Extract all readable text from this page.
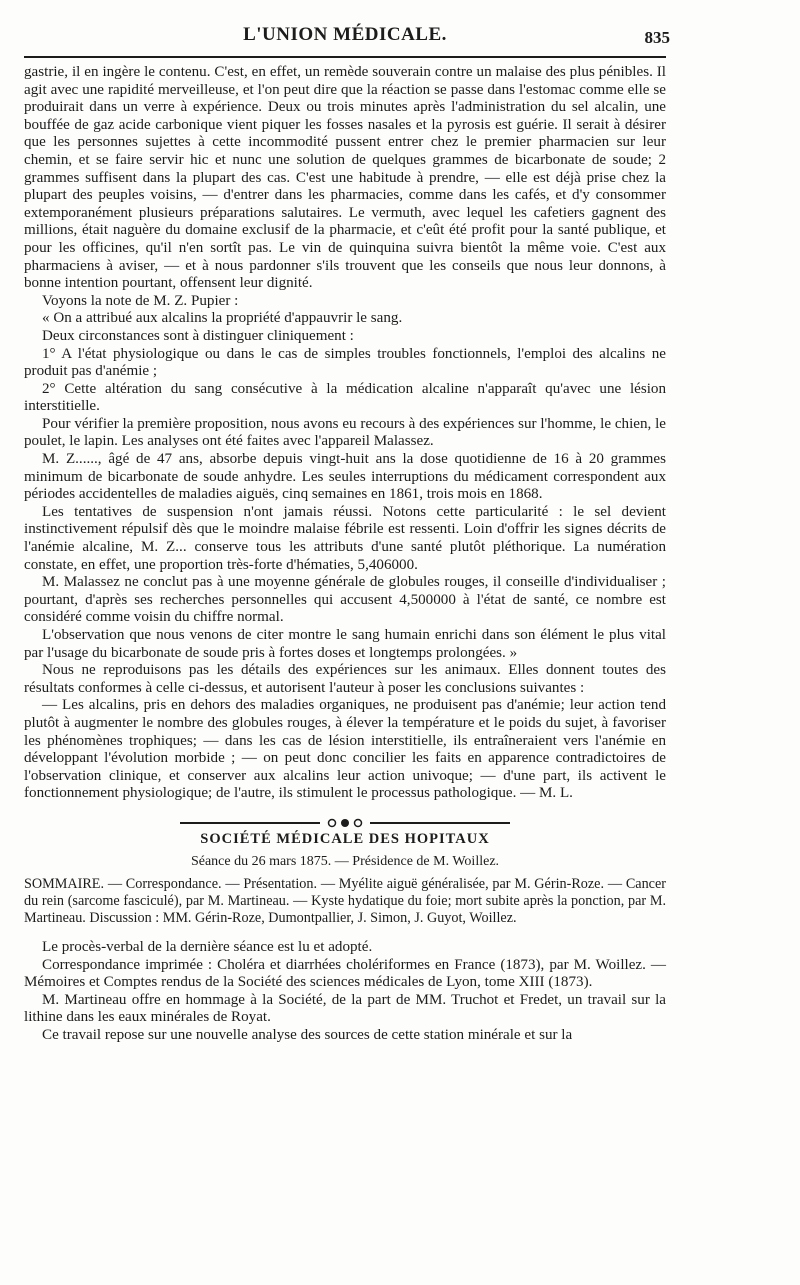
L'UNION MÉDICALE.	835

gastrie, il en ingère le contenu. C'est, en effet, un remède souverain contre un malaise des plus pénibles. Il agit avec une rapidité merveilleuse, et l'on peut dire que la réaction se passe dans l'estomac comme elle se produirait dans un verre à expérience. Deux ou trois minutes après l'administration du sel alcalin, une bouffée de gaz acide carbonique vient piquer les fosses nasales et la pyrosis est guérie. Il serait à désirer que les personnes sujettes à cette incommodité pussent entrer chez le premier pharmacien sur leur chemin, et se faire servir hic et nunc une solution de quelques grammes de bicarbonate de soude; 2 grammes suffisent dans la plupart des cas. C'est une habitude à prendre, — elle est déjà prise chez la plupart des peuples voisins, — d'entrer dans les pharmacies, comme dans les cafés, et d'y consommer extemporanément plusieurs préparations salutaires. Le vermuth, avec lequel les cafetiers gagnent des millions, était naguère du domaine exclusif de la pharmacie, et c'eût été profit pour la santé publique, et pour les officines, qu'il n'en sortît pas. Le vin de quinquina suivra bientôt la même voie. C'est aux pharmaciens à aviser, — et à nous pardonner s'ils trouvent que les conseils que nous leur donnons, à bonne intention pourtant, offensent leur dignité.

Voyons la note de M. Z. Pupier :

« On a attribué aux alcalins la propriété d'appauvrir le sang.

Deux circonstances sont à distinguer cliniquement :

1° A l'état physiologique ou dans le cas de simples troubles fonctionnels, l'emploi des alcalins ne produit pas d'anémie ;

2° Cette altération du sang consécutive à la médication alcaline n'apparaît qu'avec une lésion interstitielle.

Pour vérifier la première proposition, nous avons eu recours à des expériences sur l'homme, le chien, le poulet, le lapin. Les analyses ont été faites avec l'appareil Malassez.

M. Z......, âgé de 47 ans, absorbe depuis vingt-huit ans la dose quotidienne de 16 à 20 grammes minimum de bicarbonate de soude anhydre. Les seules interruptions du médicament correspondent aux périodes accidentelles de maladies aiguës, cinq semaines en 1861, trois mois en 1868.

Les tentatives de suspension n'ont jamais réussi. Notons cette particularité : le sel devient instinctivement répulsif dès que le moindre malaise fébrile est ressenti. Loin d'offrir les signes décrits de l'anémie alcaline, M. Z... conserve tous les attributs d'une santé plutôt pléthorique. La numération constate, en effet, une proportion très-forte d'hématies, 5,406000.

M. Malassez ne conclut pas à une moyenne générale de globules rouges, il conseille d'individualiser ; pourtant, d'après ses recherches personnelles qui accusent 4,500000 à l'état de santé, ce nombre est considéré comme voisin du chiffre normal.

L'observation que nous venons de citer montre le sang humain enrichi dans son élément le plus vital par l'usage du bicarbonate de soude pris à fortes doses et longtemps prolongées. »

Nous ne reproduisons pas les détails des expériences sur les animaux. Elles donnent toutes des résultats conformes à celle ci-dessus, et autorisent l'auteur à poser les conclusions suivantes :

— Les alcalins, pris en dehors des maladies organiques, ne produisent pas d'anémie; leur action tend plutôt à augmenter le nombre des globules rouges, à élever la température et le poids du sujet, à favoriser les phénomènes trophiques; — dans les cas de lésion interstitielle, ils entraîneraient vers l'anémie en développant l'évolution morbide ; — on peut donc concilier les faits en apparence contradictoires de l'observation clinique, et conserver aux alcalins leur action univoque; — d'une part, ils activent le fonctionnement physiologique; de l'autre, ils stimulent le processus pathologique. — M. L.

SOCIÉTÉ MÉDICALE DES HOPITAUX
Séance du 26 mars 1875. — Présidence de M. Woillez.
SOMMAIRE. — Correspondance. — Présentation. — Myélite aiguë généralisée, par M. Gérin-Roze. — Cancer du rein (sarcome fasciculé), par M. Martineau. — Kyste hydatique du foie; mort subite après la ponction, par M. Martineau. Discussion : MM. Gérin-Roze, Dumontpallier, J. Simon, J. Guyot, Woillez.

Le procès-verbal de la dernière séance est lu et adopté.

Correspondance imprimée : Choléra et diarrhées cholériformes en France (1873), par M. Woillez. — Mémoires et Comptes rendus de la Société des sciences médicales de Lyon, tome XIII (1873).

M. Martineau offre en hommage à la Société, de la part de MM. Truchot et Fredet, un travail sur la lithine dans les eaux minérales de Royat.

Ce travail repose sur une nouvelle analyse des sources de cette station minérale et sur la
